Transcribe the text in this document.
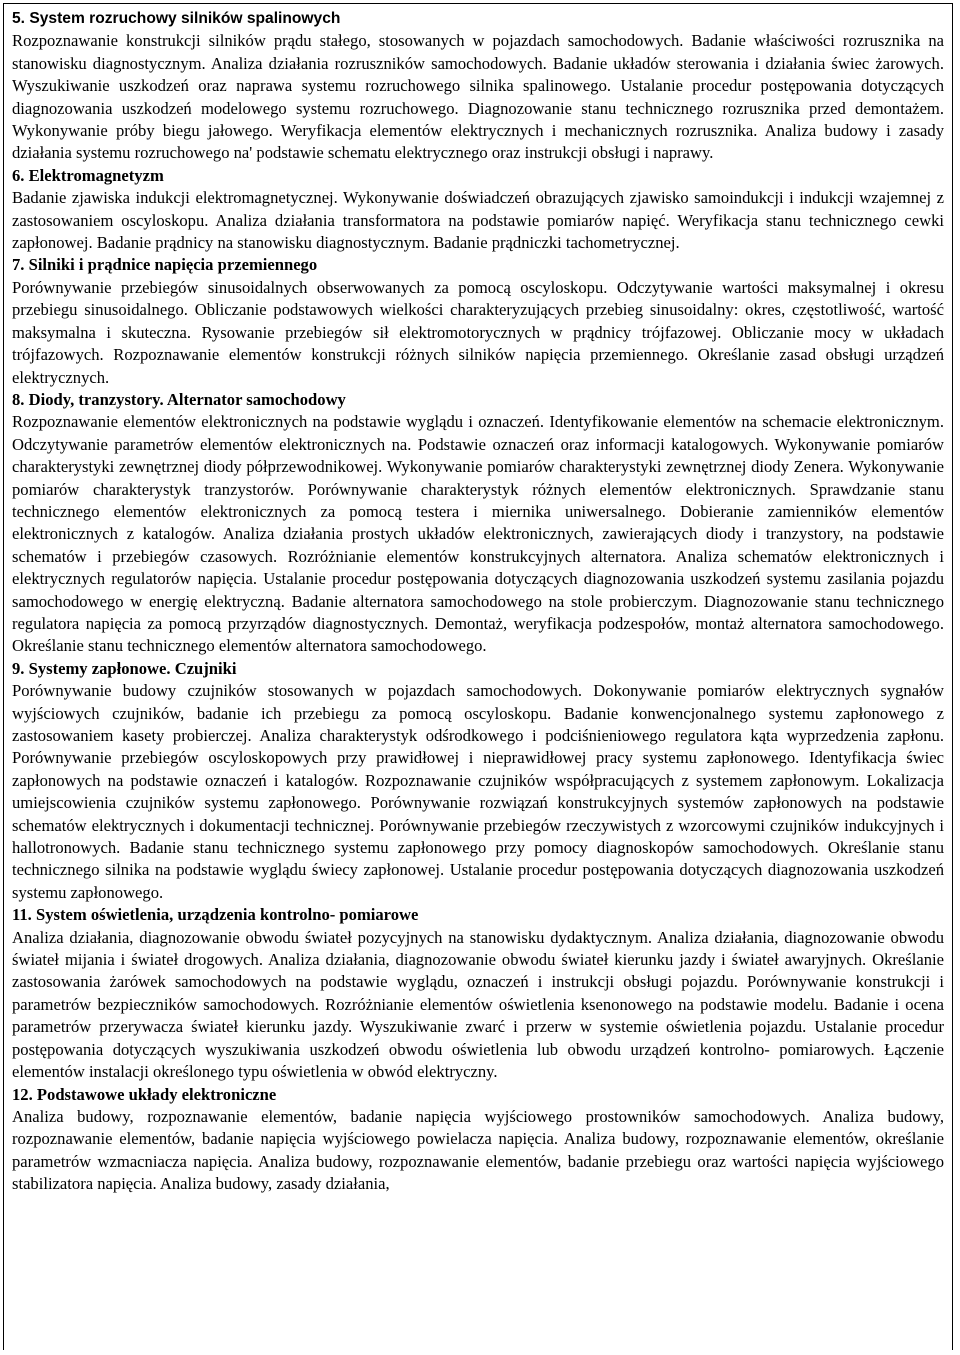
5. System rozruchowy silników spalinowych

Rozpoznawanie konstrukcji silników prądu stałego, stosowanych w pojazdach samochodowych. Badanie właściwości rozrusznika na stanowisku diagnostycznym. Analiza działania rozruszników samochodowych. Badanie układów sterowania i działania świec żarowych. Wyszukiwanie uszkodzeń oraz naprawa systemu rozruchowego silnika spalinowego. Ustalanie procedur postępowania dotyczących diagnozowania uszkodzeń modelowego systemu rozruchowego. Diagnozowanie stanu technicznego rozrusznika przed demontażem. Wykonywanie próby biegu jałowego. Weryfikacja elementów elektrycznych i mechanicznych rozrusznika. Analiza budowy i zasady działania systemu rozruchowego na' podstawie schematu elektrycznego oraz instrukcji obsługi i naprawy.

6. Elektromagnetyzm

Badanie zjawiska indukcji elektromagnetycznej. Wykonywanie doświadczeń obrazujących zjawisko samoindukcji i indukcji wzajemnej z zastosowaniem oscyloskopu. Analiza działania transformatora na podstawie pomiarów napięć. Weryfikacja stanu technicznego cewki zapłonowej. Badanie prądnicy na stanowisku diagnostycznym. Badanie prądniczki tachometrycznej.

7. Silniki i prądnice napięcia przemiennego

Porównywanie przebiegów sinusoidalnych obserwowanych za pomocą oscyloskopu. Odczytywanie wartości maksymalnej i okresu przebiegu sinusoidalnego. Obliczanie podstawowych wielkości charakteryzujących przebieg sinusoidalny: okres, częstotliwość, wartość maksymalna i skuteczna. Rysowanie przebiegów sił elektromotorycznych w prądnicy trójfazowej. Obliczanie mocy w układach trójfazowych. Rozpoznawanie elementów konstrukcji różnych silników napięcia przemiennego. Określanie zasad obsługi urządzeń elektrycznych.

8. Diody, tranzystory. Alternator samochodowy

Rozpoznawanie elementów elektronicznych na podstawie wyglądu i oznaczeń. Identyfikowanie elementów na schemacie elektronicznym. Odczytywanie parametrów elementów elektronicznych na. Podstawie oznaczeń oraz informacji katalogowych. Wykonywanie pomiarów charakterystyki zewnętrznej diody półprzewodnikowej. Wykonywanie pomiarów charakterystyki zewnętrznej diody Zenera. Wykonywanie pomiarów charakterystyk tranzystorów. Porównywanie charakterystyk różnych elementów elektronicznych. Sprawdzanie stanu technicznego elementów elektronicznych za pomocą testera i miernika uniwersalnego. Dobieranie zamienników elementów elektronicznych z katalogów. Analiza działania prostych układów elektronicznych, zawierających diody i tranzystory, na podstawie schematów i przebiegów czasowych. Rozróżnianie elementów konstrukcyjnych alternatora. Analiza schematów elektronicznych i elektrycznych regulatorów napięcia. Ustalanie procedur postępowania dotyczących diagnozowania uszkodzeń systemu zasilania pojazdu samochodowego w energię elektryczną. Badanie alternatora samochodowego na stole probierczym. Diagnozowanie stanu technicznego regulatora napięcia za pomocą przyrządów diagnostycznych. Demontaż, weryfikacja podzespołów, montaż alternatora samochodowego. Określanie stanu technicznego elementów alternatora samochodowego.

9. Systemy zapłonowe. Czujniki

Porównywanie budowy czujników stosowanych w pojazdach samochodowych. Dokonywanie pomiarów elektrycznych sygnałów wyjściowych czujników, badanie ich przebiegu za pomocą oscyloskopu. Badanie konwencjonalnego systemu zapłonowego z zastosowaniem kasety probierczej. Analiza charakterystyk odśrodkowego i podciśnieniowego regulatora kąta wyprzedzenia zapłonu. Porównywanie przebiegów oscyloskopowych przy prawidłowej i nieprawidłowej pracy systemu zapłonowego. Identyfikacja świec zapłonowych na podstawie oznaczeń i katalogów. Rozpoznawanie czujników współpracujących z systemem zapłonowym. Lokalizacja umiejscowienia czujników systemu zapłonowego. Porównywanie rozwiązań konstrukcyjnych systemów zapłonowych na podstawie schematów elektrycznych i dokumentacji technicznej. Porównywanie przebiegów rzeczywistych z wzorcowymi czujników indukcyjnych i hallotronowych. Badanie stanu technicznego systemu zapłonowego przy pomocy diagnoskopów samochodowych. Określanie stanu technicznego silnika na podstawie wyglądu świecy zapłonowej. Ustalanie procedur postępowania dotyczących diagnozowania uszkodzeń systemu zapłonowego.

11. System oświetlenia, urządzenia kontrolno- pomiarowe

Analiza działania, diagnozowanie obwodu świateł pozycyjnych na stanowisku dydaktycznym. Analiza działania, diagnozowanie obwodu świateł mijania i świateł drogowych. Analiza działania, diagnozowanie obwodu świateł kierunku jazdy i świateł awaryjnych. Określanie zastosowania żarówek samochodowych na podstawie wyglądu, oznaczeń i instrukcji obsługi pojazdu. Porównywanie konstrukcji i parametrów bezpieczników samochodowych. Rozróżnianie elementów oświetlenia ksenonowego na podstawie modelu. Badanie i ocena parametrów przerywacza świateł kierunku jazdy. Wyszukiwanie zwarć i przerw w systemie oświetlenia pojazdu. Ustalanie procedur postępowania dotyczących wyszukiwania uszkodzeń obwodu oświetlenia lub obwodu urządzeń kontrolno- pomiarowych. Łączenie elementów instalacji określonego typu oświetlenia w obwód elektryczny.

12. Podstawowe układy elektroniczne

Analiza budowy, rozpoznawanie elementów, badanie napięcia wyjściowego prostowników samochodowych. Analiza budowy, rozpoznawanie elementów, badanie napięcia wyjściowego powielacza napięcia. Analiza budowy, rozpoznawanie elementów, określanie parametrów wzmacniacza napięcia. Analiza budowy, rozpoznawanie elementów, badanie przebiegu oraz wartości napięcia wyjściowego stabilizatora napięcia. Analiza budowy, zasady działania,
